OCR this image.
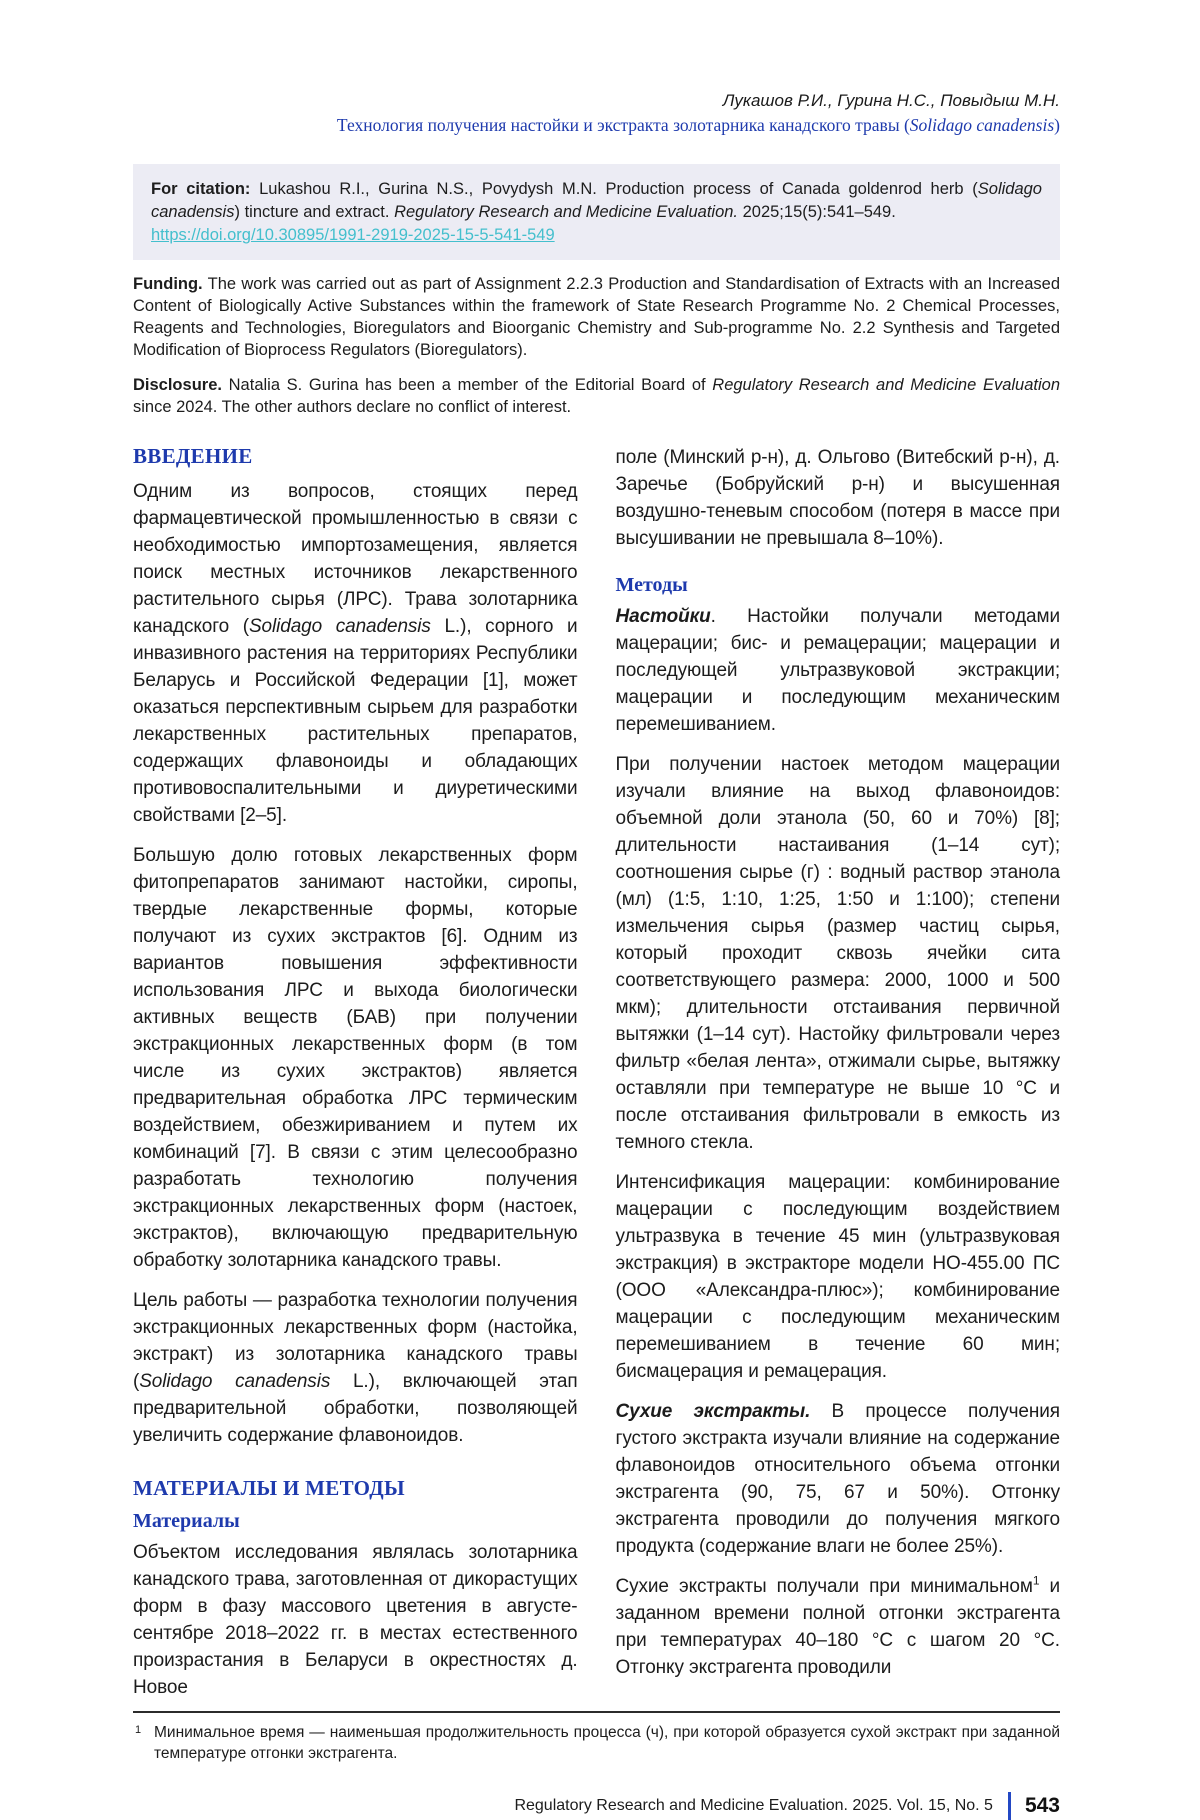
Лукашов Р.И., Гурина Н.С., Повыдыш М.Н.
Технология получения настойки и экстракта золотарника канадского травы (Solidago canadensis)
For citation: Lukashou R.I., Gurina N.S., Povydysh M.N. Production process of Canada goldenrod herb (Solidago canadensis) tincture and extract. Regulatory Research and Medicine Evaluation. 2025;15(5):541–549.
https://doi.org/10.30895/1991-2919-2025-15-5-541-549
Funding. The work was carried out as part of Assignment 2.2.3 Production and Standardisation of Extracts with an Increased Content of Biologically Active Substances within the framework of State Research Programme No. 2 Chemical Processes, Reagents and Technologies, Bioregulators and Bioorganic Chemistry and Sub-programme No. 2.2 Synthesis and Targeted Modification of Bioprocess Regulators (Bioregulators).
Disclosure. Natalia S. Gurina has been a member of the Editorial Board of Regulatory Research and Medicine Evaluation since 2024. The other authors declare no conflict of interest.
ВВЕДЕНИЕ

Одним из вопросов, стоящих перед фармацевтической промышленностью в связи с необходимостью импортозамещения, является поиск местных источников лекарственного растительного сырья (ЛРС). Трава золотарника канадского (Solidago canadensis L.), сорного и инвазивного растения на территориях Республики Беларусь и Российской Федерации [1], может оказаться перспективным сырьем для разработки лекарственных растительных препаратов, содержащих флавоноиды и обладающих противовоспалительными и диуретическими свойствами [2–5].

Большую долю готовых лекарственных форм фитопрепаратов занимают настойки, сиропы, твердые лекарственные формы, которые получают из сухих экстрактов [6]. Одним из вариантов повышения эффективности использования ЛРС и выхода биологически активных веществ (БАВ) при получении экстракционных лекарственных форм (в том числе из сухих экстрактов) является предварительная обработка ЛРС термическим воздействием, обезжириванием и путем их комбинаций [7]. В связи с этим целесообразно разработать технологию получения экстракционных лекарственных форм (настоек, экстрактов), включающую предварительную обработку золотарника канадского травы.

Цель работы — разработка технологии получения экстракционных лекарственных форм (настойка, экстракт) из золотарника канадского травы (Solidago canadensis L.), включающей этап предварительной обработки, позволяющей увеличить содержание флавоноидов.

МАТЕРИАЛЫ И МЕТОДЫ
Материалы

Объектом исследования являлась золотарника канадского трава, заготовленная от дикорастущих форм в фазу массового цветения в августе-сентябре 2018–2022 гг. в местах естественного произрастания в Беларуси в окрестностях д. Новое

поле (Минский р-н), д. Ольгово (Витебский р-н), д. Заречье (Бобруйский р-н) и высушенная воздушно-теневым способом (потеря в массе при высушивании не превышала 8–10%).

Методы

Настойки. Настойки получали методами мацерации; бис- и ремацерации; мацерации и последующей ультразвуковой экстракции; мацерации и последующим механическим перемешиванием.

При получении настоек методом мацерации изучали влияние на выход флавоноидов: объемной доли этанола (50, 60 и 70%) [8]; длительности настаивания (1–14 сут); соотношения сырье (г) : водный раствор этанола (мл) (1:5, 1:10, 1:25, 1:50 и 1:100); степени измельчения сырья (размер частиц сырья, который проходит сквозь ячейки сита соответствующего размера: 2000, 1000 и 500 мкм); длительности отстаивания первичной вытяжки (1–14 сут). Настойку фильтровали через фильтр «белая лента», отжимали сырье, вытяжку оставляли при температуре не выше 10 °С и после отстаивания фильтровали в емкость из темного стекла.

Интенсификация мацерации: комбинирование мацерации с последующим воздействием ультразвука в течение 45 мин (ультразвуковая экстракция) в экстракторе модели НО-455.00 ПС (ООО «Александра-плюс»); комбинирование мацерации с последующим механическим перемешиванием в течение 60 мин; бисмацерация и ремацерация.

Сухие экстракты. В процессе получения густого экстракта изучали влияние на содержание флавоноидов относительного объема отгонки экстрагента (90, 75, 67 и 50%). Отгонку экстрагента проводили до получения мягкого продукта (содержание влаги не более 25%).

Сухие экстракты получали при минимальном$^1$ и заданном времени полной отгонки экстрагента при температурах 40–180 °С с шагом 20 °С. Отгонку экстрагента проводили

1 Минимальное время — наименьшая продолжительность процесса (ч), при которой образуется сухой экстракт при заданной температуре отгонки экстрагента.
Regulatory Research and Medicine Evaluation. 2025. Vol. 15, No. 5 543
